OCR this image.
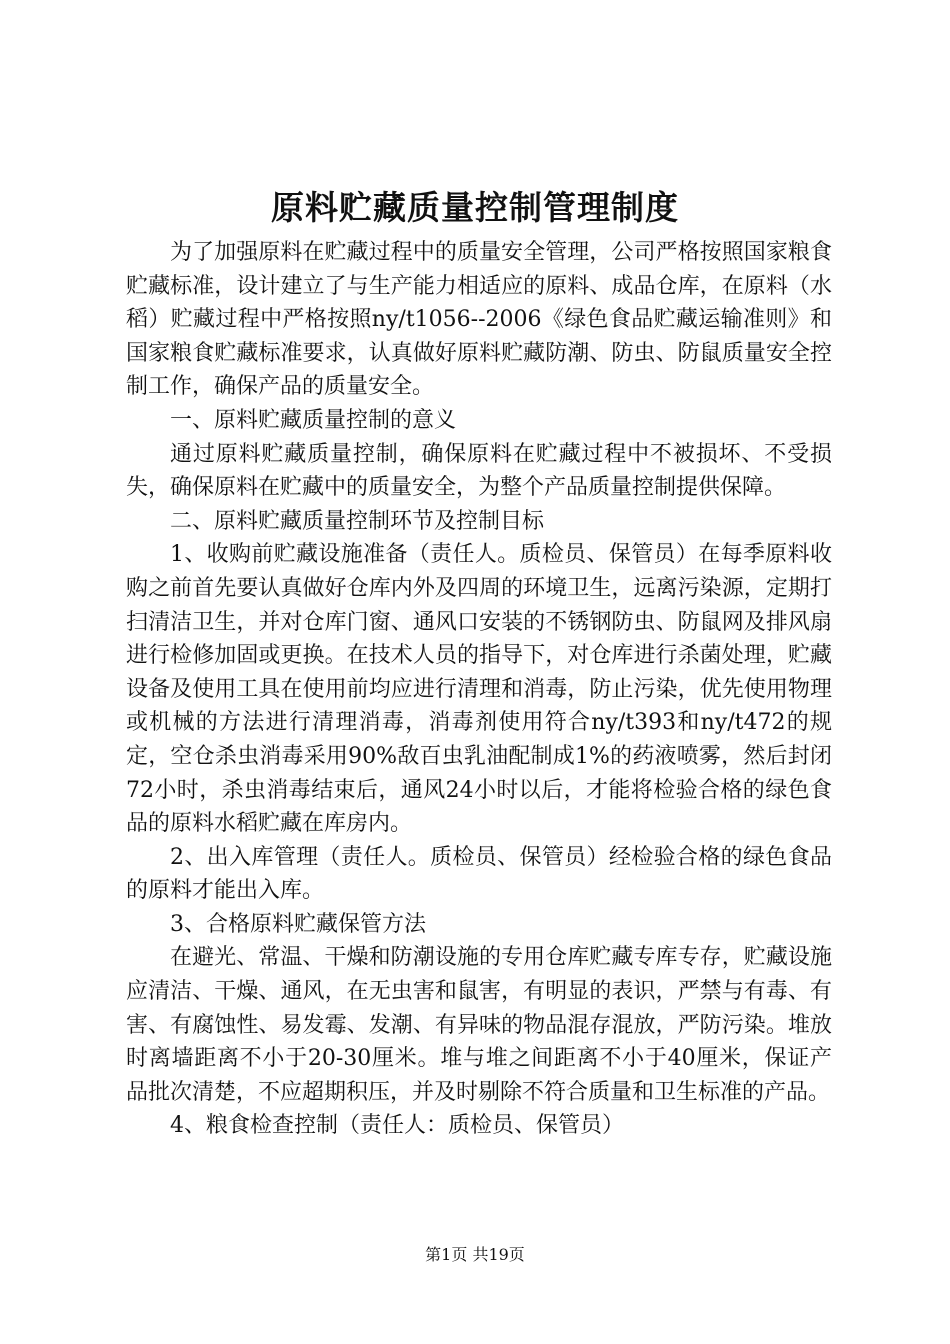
原料贮藏质量控制管理制度

为了加强原料在贮藏过程中的质量安全管理，公司严格按照国家粮食贮藏标准，设计建立了与生产能力相适应的原料、成品仓库，在原料（水稻）贮藏过程中严格按照ny/t1056--2006《绿色食品贮藏运输准则》和国家粮食贮藏标准要求，认真做好原料贮藏防潮、防虫、防鼠质量安全控制工作，确保产品的质量安全。

一、原料贮藏质量控制的意义

通过原料贮藏质量控制，确保原料在贮藏过程中不被损坏、不受损失，确保原料在贮藏中的质量安全，为整个产品质量控制提供保障。

二、原料贮藏质量控制环节及控制目标

1、收购前贮藏设施准备（责任人。质检员、保管员）在每季原料收购之前首先要认真做好仓库内外及四周的环境卫生，远离污染源，定期打扫清洁卫生，并对仓库门窗、通风口安装的不锈钢防虫、防鼠网及排风扇进行检修加固或更换。在技术人员的指导下，对仓库进行杀菌处理，贮藏设备及使用工具在使用前均应进行清理和消毒，防止污染，优先使用物理或机械的方法进行清理消毒，消毒剂使用符合ny/t393和ny/t472的规定，空仓杀虫消毒采用90%敌百虫乳油配制成1%的药液喷雾，然后封闭72小时，杀虫消毒结束后，通风24小时以后，才能将检验合格的绿色食品的原料水稻贮藏在库房内。

2、出入库管理（责任人。质检员、保管员）经检验合格的绿色食品的原料才能出入库。

3、合格原料贮藏保管方法

在避光、常温、干燥和防潮设施的专用仓库贮藏专库专存，贮藏设施应清洁、干燥、通风，在无虫害和鼠害，有明显的表识，严禁与有毒、有害、有腐蚀性、易发霉、发潮、有异味的物品混存混放，严防污染。堆放时离墙距离不小于20-30厘米。堆与堆之间距离不小于40厘米，保证产品批次清楚，不应超期积压，并及时剔除不符合质量和卫生标准的产品。

4、粮食检查控制（责任人：质检员、保管员）

第1页 共19页
